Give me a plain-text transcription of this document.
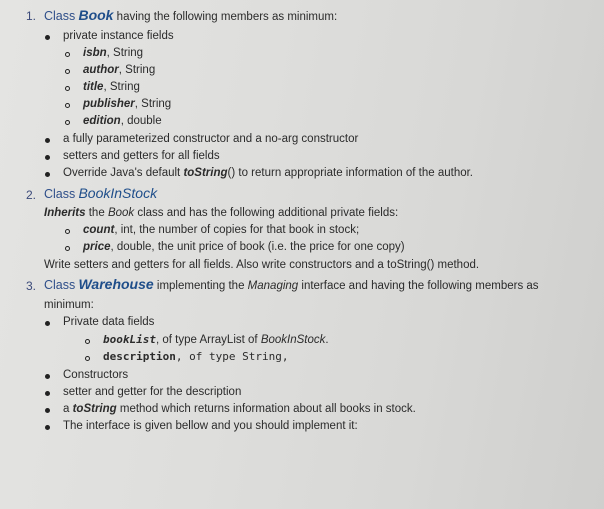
1. Class Book having the following members as minimum:
private instance fields
isbn, String
author, String
title, String
publisher, String
edition, double
a fully parameterized constructor and a no-arg constructor
setters and getters for all fields
Override Java's default toString() to return appropriate information of the author.
2. Class BookInStock
Inherits the Book class and has the following additional private fields:
count, int, the number of copies for that book in stock;
price, double, the unit price of book (i.e. the price for one copy)
Write setters and getters for all fields. Also write constructors and a toString() method.
3. Class Warehouse implementing the Managing interface and having the following members as
minimum:
Private data fields
bookList, of type ArrayList of BookInStock.
description, of type String,
Constructors
setter and getter for the description
a toString method which returns information about all books in stock.
The interface is given bellow and you should implement it:
